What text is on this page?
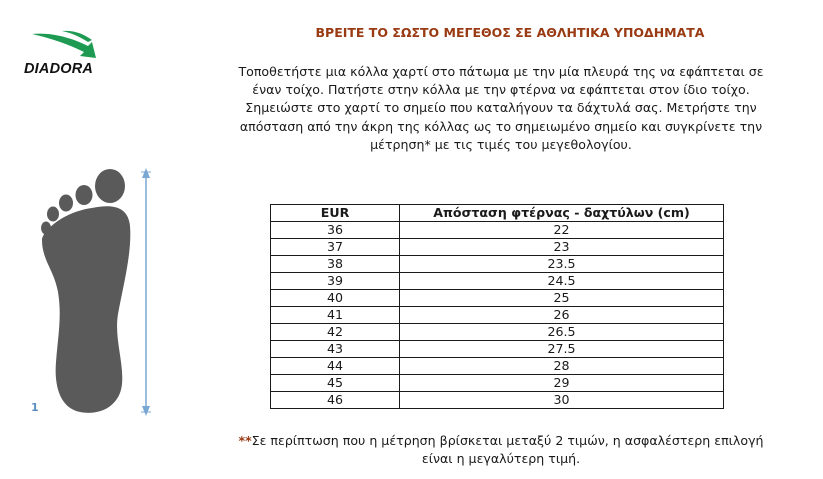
DIADORA
ΒΡΕΙΤΕ ΤΟ ΣΩΣΤΟ ΜΕΓΕΘΟΣ ΣΕ ΑΘΛΗΤΙΚΑ ΥΠΟΔΗΜΑΤΑ
Τοποθετήστε μια κόλλα χαρτί στο πάτωμα με την μία πλευρά της να εφάπτεται σε
έναν τοίχο. Πατήστε στην κόλλα με την φτέρνα να εφάπτεται στον ίδιο τοίχο.
Σημειώστε στο χαρτί το σημείο που καταλήγουν τα δάχτυλά σας. Μετρήστε την
απόσταση από την άκρη της κόλλας ως το σημειωμένο σημείο και συγκρίνετε την
μέτρηση* με τις τιμές του μεγεθολογίου.
1
EUR	Απόσταση φτέρνας - δαχτύλων (cm)
36	22
37	23
38	23.5
39	24.5
40	25
41	26
42	26.5
43	27.5
44	28
45	29
46	30
**Σε περίπτωση που η μέτρηση βρίσκεται μεταξύ 2 τιμών, η ασφαλέστερη επιλογή
είναι η μεγαλύτερη τιμή.
